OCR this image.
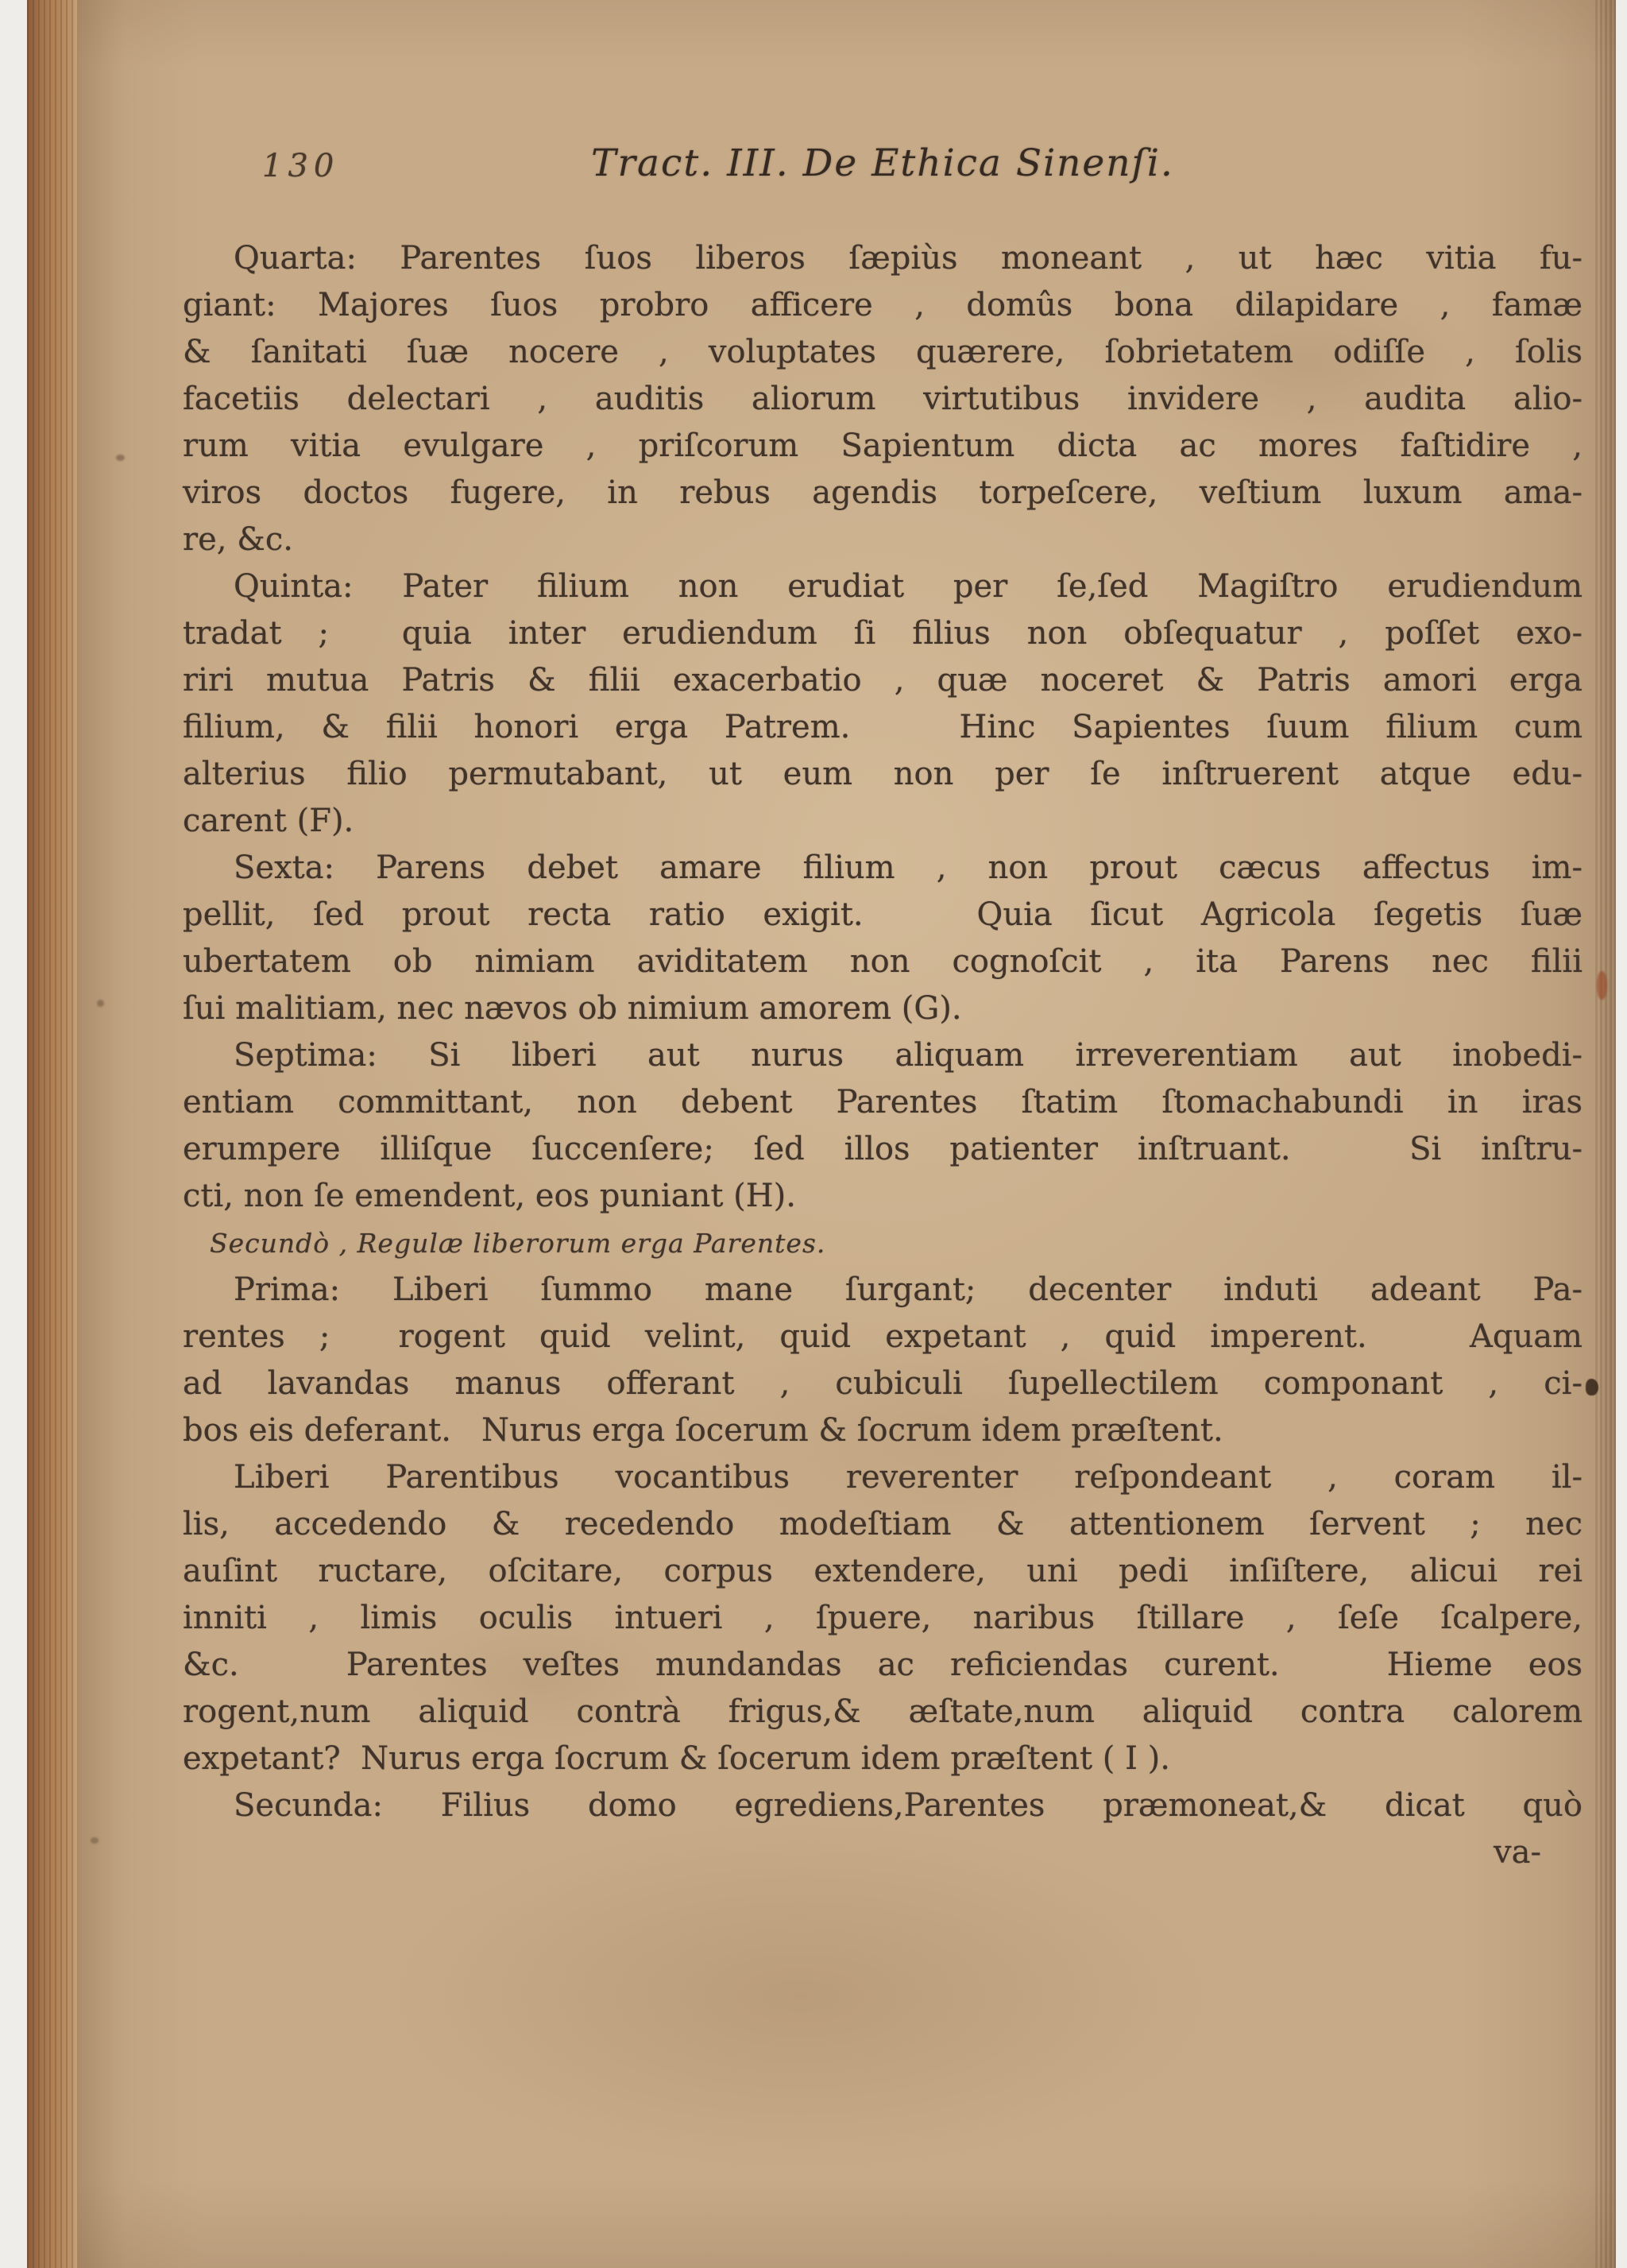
130	Tract. III. De Ethica Sinenſi.
Quarta: Parentes ſuos liberos ſæpiùs moneant , ut hæc vitia fu-
giant: Majores ſuos probro afficere , domûs bona dilapidare , famæ
& ſanitati ſuæ nocere , voluptates quærere, ſobrietatem odiſſe , ſolis
facetiis delectari , auditis aliorum virtutibus invidere , audita alio-
rum vitia evulgare , priſcorum Sapientum dicta ac mores faſtidire ,
viros doctos fugere, in rebus agendis torpeſcere, veſtium luxum ama-
re, &c.
Quinta: Pater filium non erudiat per ſe,ſed Magiſtro erudiendum
tradat ;  quia inter erudiendum ſi filius non obſequatur , poſſet exo-
riri mutua Patris & filii exacerbatio , quæ noceret & Patris amori erga
filium, & filii honori erga Patrem.   Hinc Sapientes ſuum filium cum
alterius filio permutabant, ut eum non per ſe inſtruerent atque edu-
carent (F).
Sexta: Parens debet amare filium , non prout cæcus affectus im-
pellit, ſed prout recta ratio exigit.   Quia ſicut Agricola ſegetis ſuæ
ubertatem ob nimiam aviditatem non cognoſcit , ita Parens nec filii
ſui malitiam, nec nævos ob nimium amorem (G).
Septima: Si liberi aut nurus aliquam irreverentiam aut inobedi-
entiam committant, non debent Parentes ſtatim ſtomachabundi in iras
erumpere illiſque ſuccenſere; ſed illos patienter inſtruant.   Si inſtru-
cti, non ſe emendent, eos puniant (H).
Secundò , Regulæ liberorum erga Parentes.
Prima: Liberi ſummo mane ſurgant; decenter induti adeant Pa-
rentes ;  rogent quid velint, quid expetant , quid imperent.   Aquam
ad lavandas manus offerant , cubiculi ſupellectilem componant , ci-
bos eis deferant.   Nurus erga ſocerum & ſocrum idem præſtent.
Liberi Parentibus vocantibus reverenter reſpondeant , coram il-
lis, accedendo & recedendo modeſtiam & attentionem ſervent ; nec
auſint ructare, oſcitare, corpus extendere, uni pedi inſiſtere, alicui rei
inniti , limis oculis intueri , ſpuere, naribus ſtillare , ſeſe ſcalpere,
&c.   Parentes veſtes mundandas ac reficiendas curent.   Hieme eos
rogent,num aliquid contrà frigus,& æſtate,num aliquid contra calorem
expetant?  Nurus erga ſocrum & ſocerum idem præſtent ( I ).
Secunda: Filius domo egrediens,Parentes præmoneat,& dicat quò
va-
